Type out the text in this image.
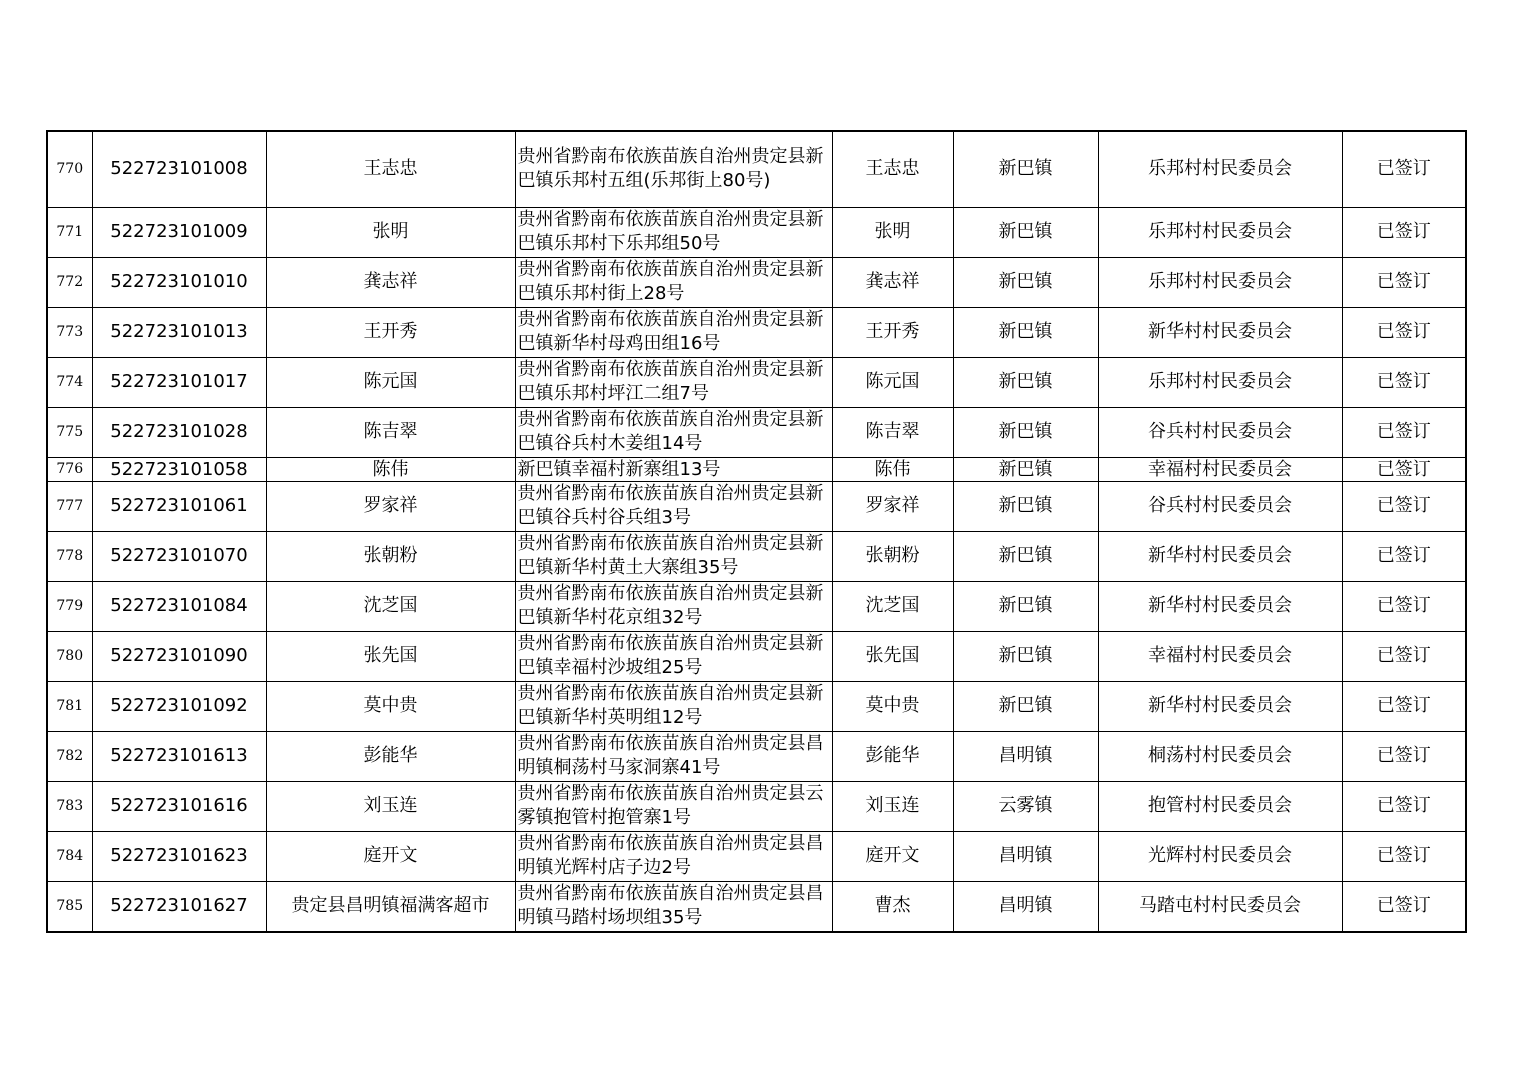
770	522723101008	王志忠	贵州省黔南布依族苗族自治州贵定县新巴镇乐邦村五组(乐邦街上80号)	王志忠	新巴镇	乐邦村村民委员会	已签订
771	522723101009	张明	贵州省黔南布依族苗族自治州贵定县新巴镇乐邦村下乐邦组50号	张明	新巴镇	乐邦村村民委员会	已签订
772	522723101010	龚志祥	贵州省黔南布依族苗族自治州贵定县新巴镇乐邦村街上28号	龚志祥	新巴镇	乐邦村村民委员会	已签订
773	522723101013	王开秀	贵州省黔南布依族苗族自治州贵定县新巴镇新华村母鸡田组16号	王开秀	新巴镇	新华村村民委员会	已签订
774	522723101017	陈元国	贵州省黔南布依族苗族自治州贵定县新巴镇乐邦村坪江二组7号	陈元国	新巴镇	乐邦村村民委员会	已签订
775	522723101028	陈吉翠	贵州省黔南布依族苗族自治州贵定县新巴镇谷兵村木姜组14号	陈吉翠	新巴镇	谷兵村村民委员会	已签订
776	522723101058	陈伟	新巴镇幸福村新寨组13号	陈伟	新巴镇	幸福村村民委员会	已签订
777	522723101061	罗家祥	贵州省黔南布依族苗族自治州贵定县新巴镇谷兵村谷兵组3号	罗家祥	新巴镇	谷兵村村民委员会	已签订
778	522723101070	张朝粉	贵州省黔南布依族苗族自治州贵定县新巴镇新华村黄土大寨组35号	张朝粉	新巴镇	新华村村民委员会	已签订
779	522723101084	沈芝国	贵州省黔南布依族苗族自治州贵定县新巴镇新华村花京组32号	沈芝国	新巴镇	新华村村民委员会	已签订
780	522723101090	张先国	贵州省黔南布依族苗族自治州贵定县新巴镇幸福村沙坡组25号	张先国	新巴镇	幸福村村民委员会	已签订
781	522723101092	莫中贵	贵州省黔南布依族苗族自治州贵定县新巴镇新华村英明组12号	莫中贵	新巴镇	新华村村民委员会	已签订
782	522723101613	彭能华	贵州省黔南布依族苗族自治州贵定县昌明镇桐荡村马家洞寨41号	彭能华	昌明镇	桐荡村村民委员会	已签订
783	522723101616	刘玉连	贵州省黔南布依族苗族自治州贵定县云雾镇抱管村抱管寨1号	刘玉连	云雾镇	抱管村村民委员会	已签订
784	522723101623	庭开文	贵州省黔南布依族苗族自治州贵定县昌明镇光辉村店子边2号	庭开文	昌明镇	光辉村村民委员会	已签订
785	522723101627	贵定县昌明镇福满客超市	贵州省黔南布依族苗族自治州贵定县昌明镇马踏村场坝组35号	曹杰	昌明镇	马踏屯村村民委员会	已签订
